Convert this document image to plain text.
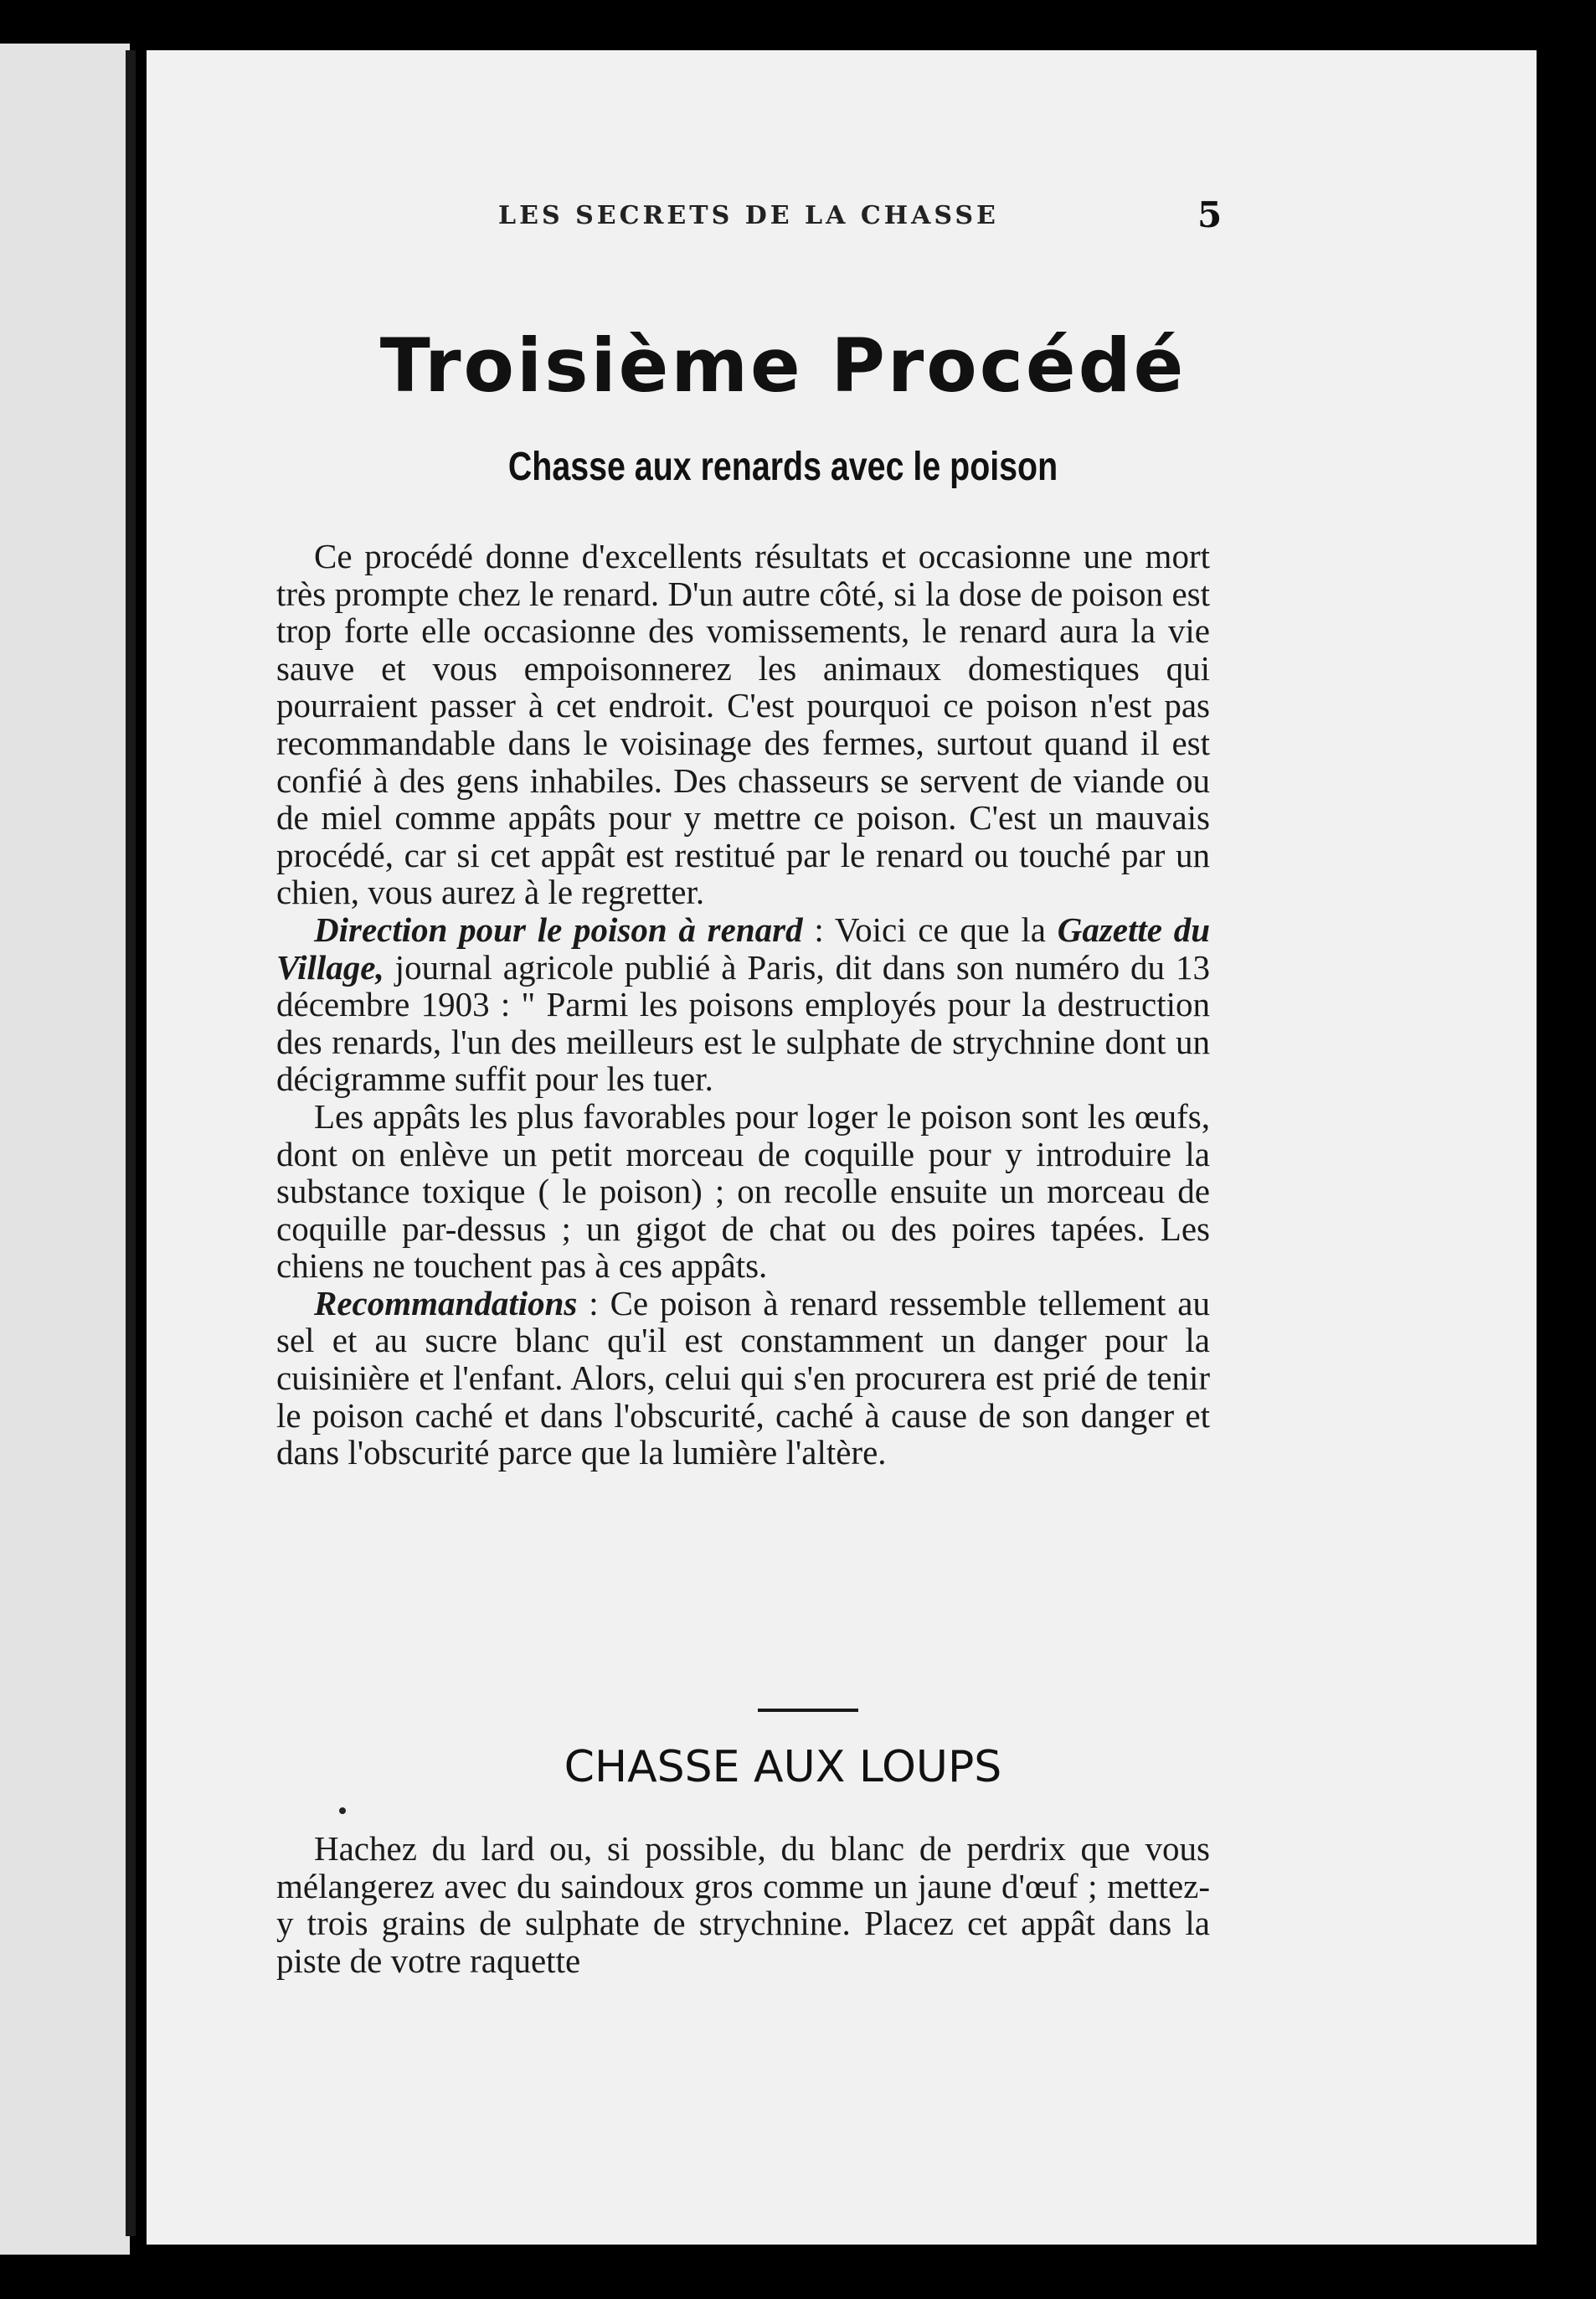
LES SECRETS DE LA CHASSE	5
Troisième Procédé
Chasse aux renards avec le poison

Ce procédé donne d'excellents résultats et occasionne une mort très prompte chez le renard. D'un autre côté, si la dose de poison est trop forte elle occasionne des vomissements, le renard aura la vie sauve et vous empoisonnerez les animaux domestiques qui pourraient passer à cet endroit. C'est pourquoi ce poison n'est pas recommandable dans le voisinage des fermes, surtout quand il est confié à des gens inhabiles. Des chasseurs se servent de viande ou de miel comme appâts pour y mettre ce poison. C'est un mauvais procédé, car si cet appât est restitué par le renard ou touché par un chien, vous aurez à le regretter.

Direction pour le poison à renard : Voici ce que la Gazette du Village, journal agricole publié à Paris, dit dans son numéro du 13 décembre 1903 : " Parmi les poisons employés pour la destruction des renards, l'un des meilleurs est le sulphate de strychnine dont un décigramme suffit pour les tuer.

Les appâts les plus favorables pour loger le poison sont les œufs, dont on enlève un petit morceau de coquille pour y introduire la substance toxique ( le poison) ; on recolle ensuite un morceau de coquille par-dessus ; un gigot de chat ou des poires tapées. Les chiens ne touchent pas à ces appâts.

Recommandations : Ce poison à renard ressemble tellement au sel et au sucre blanc qu'il est constamment un danger pour la cuisinière et l'enfant. Alors, celui qui s'en procurera est prié de tenir le poison caché et dans l'obscurité, caché à cause de son danger et dans l'obscurité parce que la lumière l'altère.

CHASSE AUX LOUPS

Hachez du lard ou, si possible, du blanc de perdrix que vous mélangerez avec du saindoux gros comme un jaune d'œuf ; mettez-y trois grains de sulphate de strychnine. Placez cet appât dans la piste de votre raquette
